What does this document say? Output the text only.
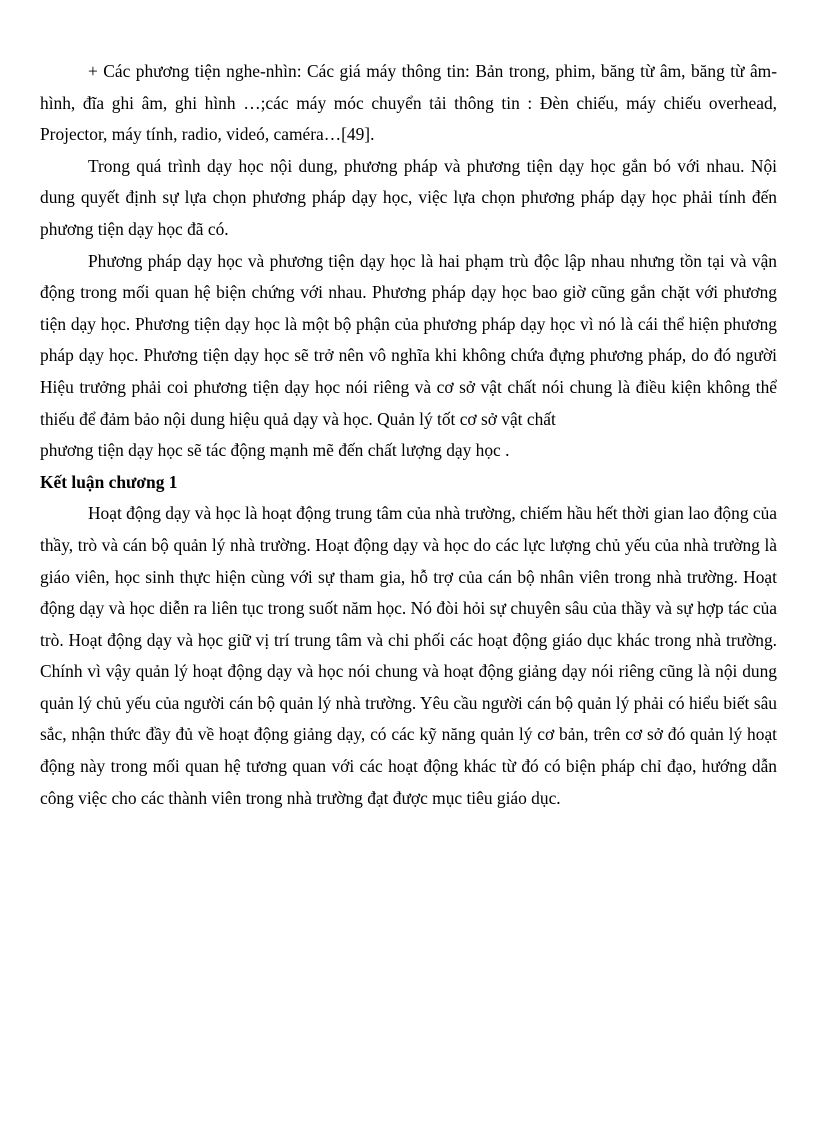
+ Các phương tiện nghe-nhìn: Các giá máy thông tin: Bản trong, phim, băng từ âm, băng từ âm-hình, đĩa ghi âm, ghi hình …;các máy móc chuyển tải thông tin : Đèn chiếu, máy chiếu overhead, Projector, máy tính, radio, videó, caméra…[49].

Trong quá trình dạy học nội dung, phương pháp và phương tiện dạy học gắn bó với nhau. Nội dung quyết định sự lựa chọn phương pháp dạy học, việc lựa chọn phương pháp dạy học phải tính đến phương tiện dạy học đã có.

Phương pháp dạy học và phương tiện dạy học là hai phạm trù độc lập nhau nhưng tồn tại và vận động trong mối quan hệ biện chứng với nhau. Phương pháp dạy học bao giờ cũng gắn chặt với phương tiện dạy học. Phương tiện dạy học là một bộ phận của phương pháp dạy học vì nó là cái thể hiện phương pháp dạy học. Phương tiện dạy học sẽ trở nên vô nghĩa khi không chứa đựng phương pháp, do đó người Hiệu trưởng phải coi phương tiện dạy học nói riêng và cơ sở vật chất nói chung là điều kiện không thể thiếu để đảm bảo nội dung hiệu quả dạy và học. Quản lý tốt cơ sở vật chất

phương tiện dạy học sẽ tác động mạnh mẽ đến chất lượng dạy học .

Kết luận chương 1

Hoạt động dạy và học là hoạt động trung tâm của nhà trường, chiếm hầu hết thời gian lao động của thầy, trò và cán bộ quản lý nhà trường. Hoạt động dạy và học do các lực lượng chủ yếu của nhà trường là giáo viên, học sinh thực hiện cùng với sự tham gia, hỗ trợ của cán bộ nhân viên trong nhà trường. Hoạt động dạy và học diễn ra liên tục trong suốt năm học. Nó đòi hỏi sự chuyên sâu của thầy và sự hợp tác của trò. Hoạt động dạy và học giữ vị trí trung tâm và chi phối các hoạt động giáo dục khác trong nhà trường. Chính vì vậy quản lý hoạt động dạy và học nói chung và hoạt động giảng dạy nói riêng cũng là nội dung quản lý chủ yếu của người cán bộ quản lý nhà trường. Yêu cầu người cán bộ quản lý phải có hiểu biết sâu sắc, nhận thức đầy đủ về hoạt động giảng dạy, có các kỹ năng quản lý cơ bản, trên cơ sở đó quản lý hoạt động này trong mối quan hệ tương quan với các hoạt động khác từ đó có biện pháp chỉ đạo, hướng dẫn công việc cho các thành viên trong nhà trường đạt được mục tiêu giáo dục.
